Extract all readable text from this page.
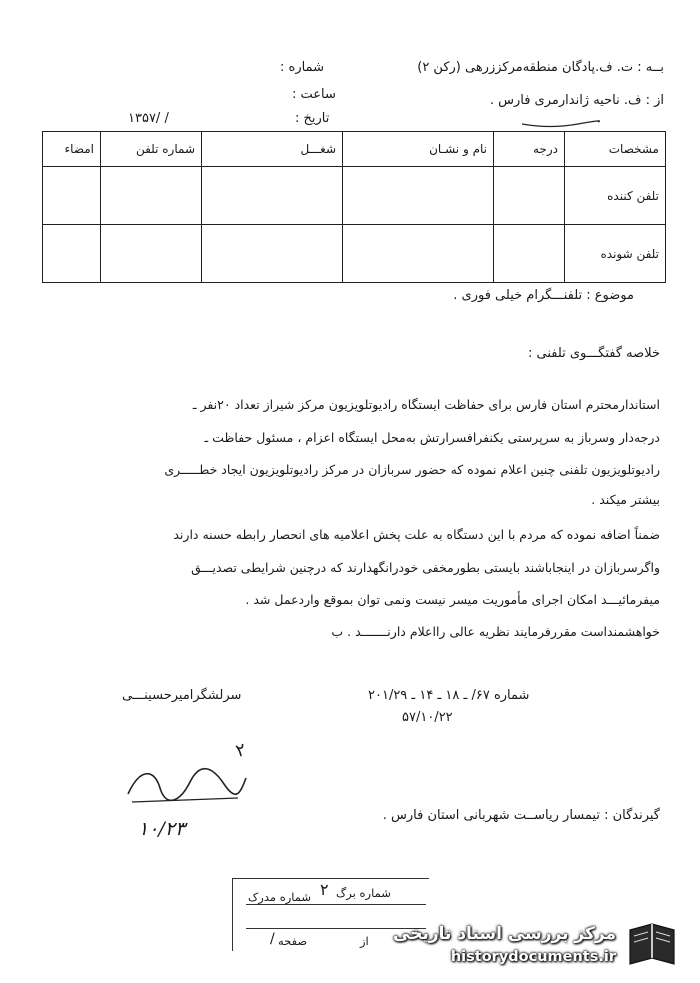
بــه : ت. ف.پادگان منطقه‌مرکززرهی (رکن ۲)
از : ف. ناحیه ژاندارمری فارس .
شماره :
ساعت :
تاریخ :
۱۳۵۷/ /
مشخصات	درجه	نام و نشـان	شغـــل	شماره تلفن	امضاء
تلفن کننده					
تلفن شونده					
موضوع : تلفنـــگرام خیلی فوری .
خلاصه گفتگـــوی تلفنی :
استاندارمحترم استان فارس برای حفاظت ایستگاه رادیوتلویزیون مرکز شیراز تعداد ۲۰نفر ـ
درجه‌دار وسرباز به سرپرستی یکنفرافسرارتش به‌محل ایستگاه اعزام ، مسئول حفاظت ـ
رادیوتلویزیون تلفنی چنین اعلام نموده که حضور سربازان در مرکز رادیوتلویزیون ایجاد خطـــــری
بیشتر میکند .
ضمناً اضافه نموده که مردم با این دستگاه به علت پخش اعلامیه های انحصار رابطه حسنه دارند
واگرسربازان در اینجاباشند بایستی بطورمخفی خودرانگهدارند که درچنین شرایطی تصدیـــق
میفرمائیـــد امکان اجرای مأموریت میسر نیست ونمی توان بموقع واردعمل شد .
خواهشمنداست مقررفرمایند نظریه عالی رااعلام دارنـــــــد . ب
سرلشگرامیرحسینـــی	شماره ۶۷/ ـ ۱۸ ـ ۱۴ ـ ۲۰۱/۲۹
۵۷/۱۰/۲۲
۲
۱۰/۲۳
گیرندگان : تیمسار ریاســت شهربانی استان فارس .
شماره برگ
۲
شماره مدرک
از
صفحه
/	مرکز بررسی اسناد تاریخی
historydocuments.ir
